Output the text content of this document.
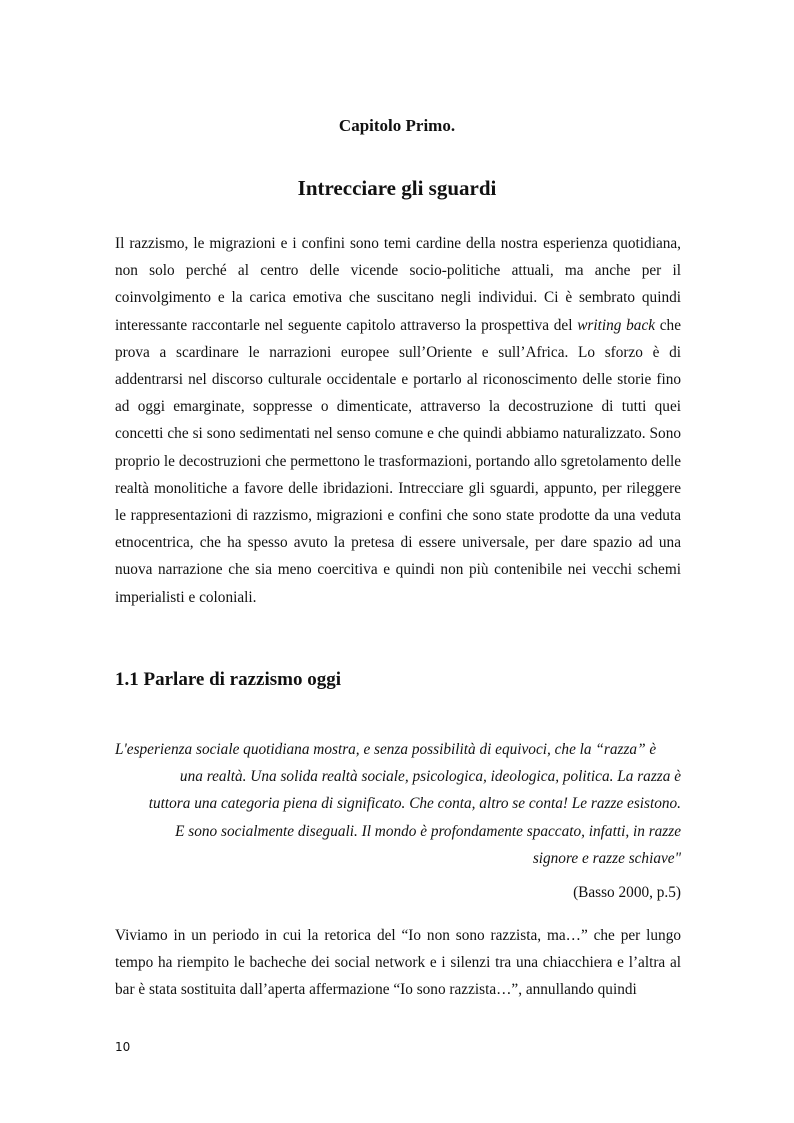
Capitolo Primo.
Intrecciare gli sguardi

Il razzismo, le migrazioni e i confini sono temi cardine della nostra esperienza quotidiana, non solo perché al centro delle vicende socio-politiche attuali, ma anche per il coinvolgimento e la carica emotiva che suscitano negli individui. Ci è sembrato quindi interessante raccontarle nel seguente capitolo attraverso la prospettiva del writing back che prova a scardinare le narrazioni europee sull’Oriente e sull’Africa. Lo sforzo è di addentrarsi nel discorso culturale occidentale e portarlo al riconoscimento delle storie fino ad oggi emarginate, soppresse o dimenticate, attraverso la decostruzione di tutti quei concetti che si sono sedimentati nel senso comune e che quindi abbiamo naturalizzato. Sono proprio le decostruzioni che permettono le trasformazioni, portando allo sgretolamento delle realtà monolitiche a favore delle ibridazioni. Intrecciare gli sguardi, appunto, per rileggere le rappresentazioni di razzismo, migrazioni e confini che sono state prodotte da una veduta etnocentrica, che ha spesso avuto la pretesa di essere universale, per dare spazio ad una nuova narrazione che sia meno coercitiva e quindi non più contenibile nei vecchi schemi imperialisti e coloniali.

1.1 Parlare di razzismo oggi

L'esperienza sociale quotidiana mostra, e senza possibilità di equivoci, che la “razza” è
una realtà. Una solida realtà sociale, psicologica, ideologica, politica. La razza è
tuttora una categoria piena di significato. Che conta, altro se conta! Le razze esistono.
E sono socialmente diseguali. Il mondo è profondamente spaccato, infatti, in razze
signore e razze schiave"

(Basso 2000, p.5)

Viviamo in un periodo in cui la retorica del “Io non sono razzista, ma…” che per lungo tempo ha riempito le bacheche dei social network e i silenzi tra una chiacchiera e l’altra al bar è stata sostituita dall’aperta affermazione “Io sono razzista…”, annullando quindi

10
